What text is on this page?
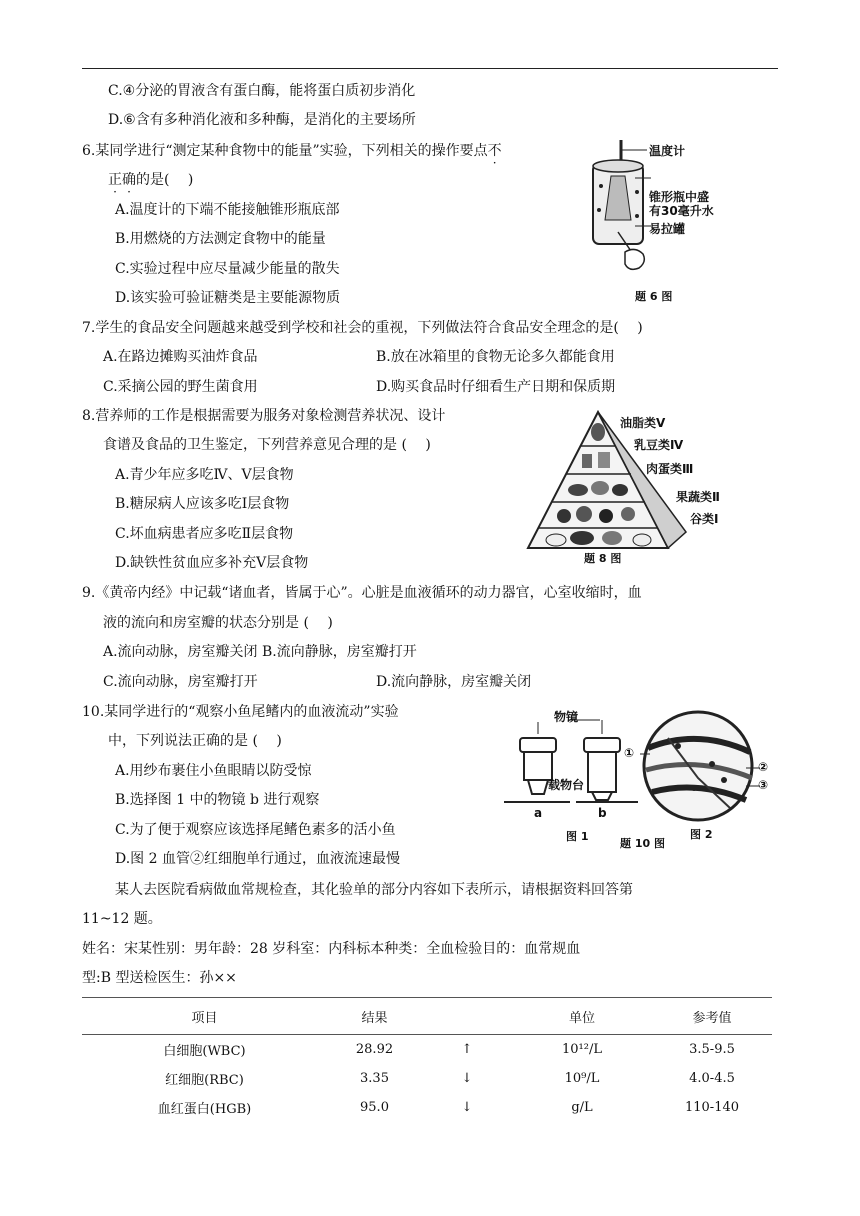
C.④分泌的胃液含有蛋白酶，能将蛋白质初步消化
D.⑥含有多种消化液和多种酶，是消化的主要场所
6.某同学进行“测定某种食物中的能量”实验，下列相关的操作要点不
正确的是(　 )
A.温度计的下端不能接触锥形瓶底部
B.用燃烧的方法测定食物中的能量
C.实验过程中应尽量减少能量的散失
D.该实验可验证糖类是主要能源物质
温度计
锥形瓶中盛
有30毫升水
易拉罐
题 6 图
7.学生的食品安全问题越来越受到学校和社会的重视，下列做法符合食品安全理念的是(　 )
A.在路边摊购买油炸食品	B.放在冰箱里的食物无论多久都能食用
C.采摘公园的野生菌食用	D.购买食品时仔细看生产日期和保质期
8.营养师的工作是根据需要为服务对象检测营养状况、设计
食谱及食品的卫生鉴定，下列营养意见合理的是 (　 )
A.青少年应多吃Ⅳ、Ⅴ层食物
B.糖尿病人应该多吃Ⅰ层食物
C.坏血病患者应多吃Ⅱ层食物
D.缺铁性贫血应多补充Ⅴ层食物
油脂类Ⅴ
乳豆类Ⅳ
肉蛋类Ⅲ
果蔬类Ⅱ
谷类Ⅰ
题 8 图
9.《黄帝内经》中记载“诸血者，皆属于心”。心脏是血液循环的动力器官，心室收缩时，血
液的流向和房室瓣的状态分别是 (　 )
A.流向动脉，房室瓣关闭 B.流向静脉，房室瓣打开
C.流向动脉，房室瓣打开	D.流向静脉，房室瓣关闭
10.某同学进行的“观察小鱼尾鳍内的血液流动”实验
中，下列说法正确的是 (　 )
A.用纱布裹住小鱼眼睛以防受惊
B.选择图 1 中的物镜 b 进行观察
C.为了便于观察应该选择尾鳍色素多的活小鱼
D.图 2 血管②红细胞单行通过，血液流速最慢
物镜
载物台
a	b
①
②
③
图 1
题 10 图
图 2
某人去医院看病做血常规检查，其化验单的部分内容如下表所示，请根据资料回答第
11~12 题。
姓名：宋某性别：男年龄：28 岁科室：内科标本种类：全血检验目的：血常规血
型:B 型送检医生：孙××
项目	结果		单位	参考值
白细胞(WBC)	28.92	↑	10¹²/L	3.5-9.5
红细胞(RBC)	3.35	↓	10⁹/L	4.0-4.5
血红蛋白(HGB)	95.0	↓	g/L	110-140
